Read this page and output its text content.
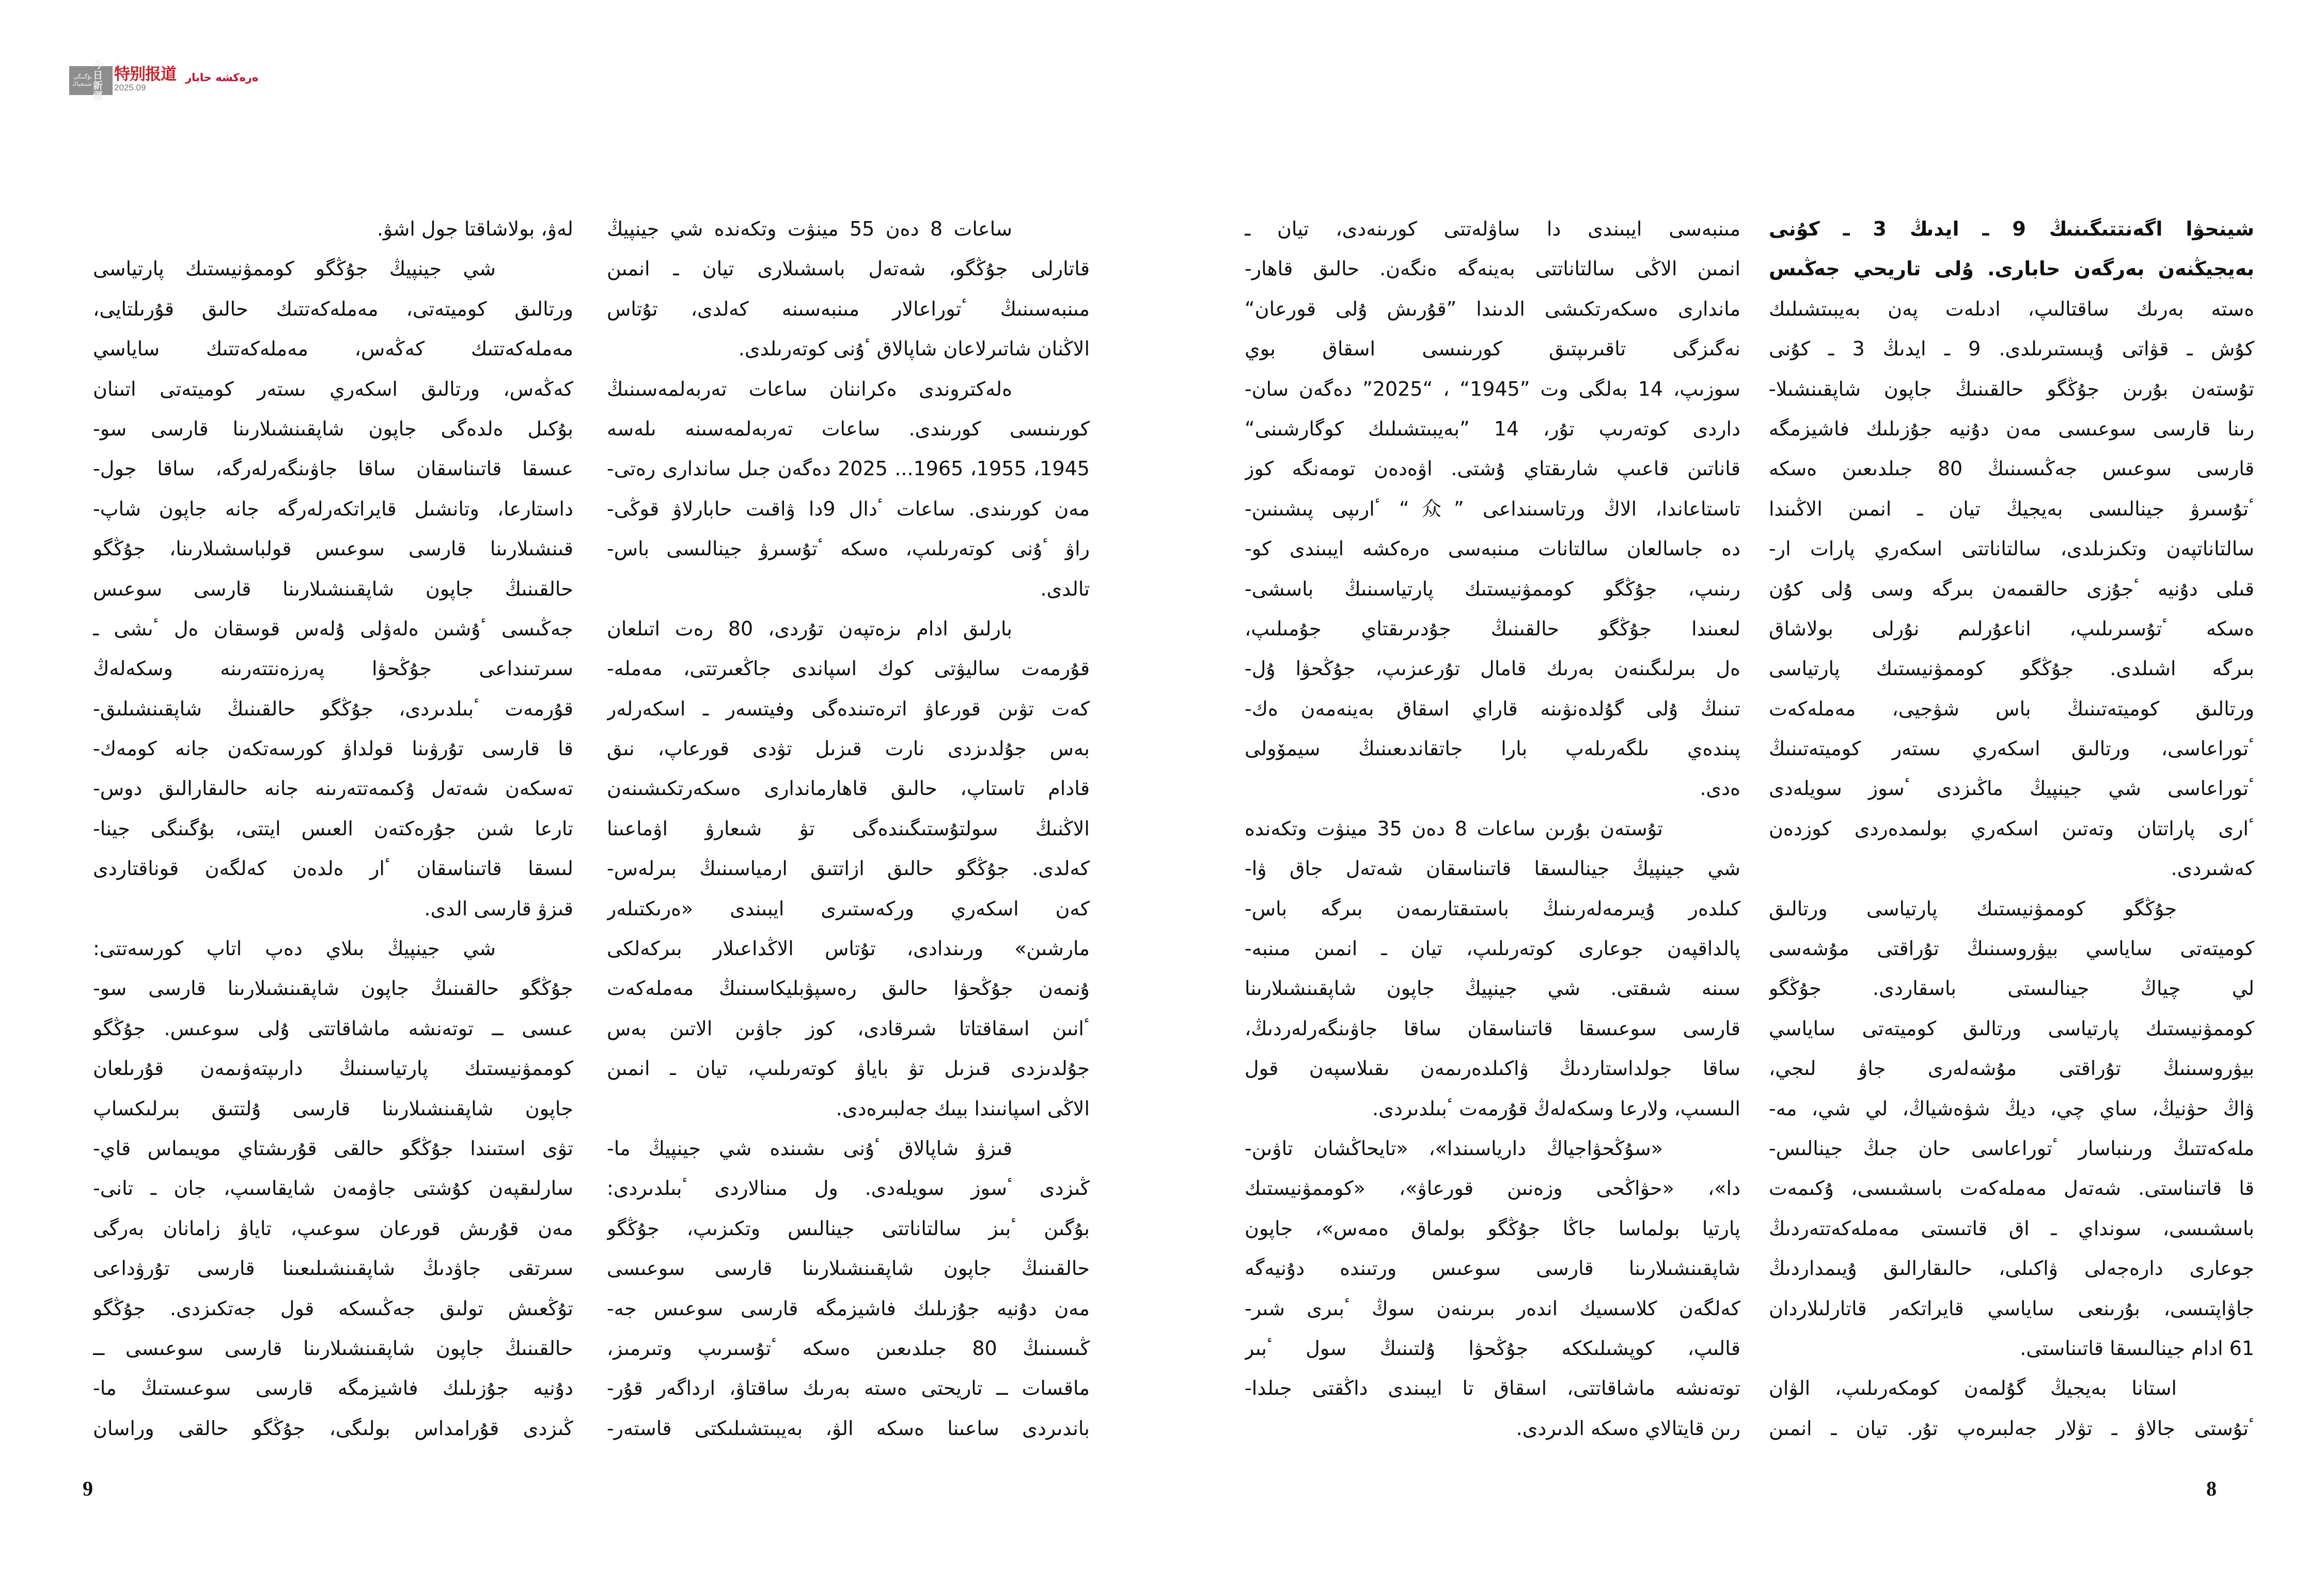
بۇگىنگى شىنجياڭ
今日新疆
特别报道
2025.09
ەرەكشە حابار
شينحۋا اگەنتتىگىنىڭ 9 ـ ايدىڭ 3 ـ كۇنى
بەيجيڭنەن بەرگەن حابارى. ۇلى تاريحي جەڭىس
ەستە بەرىك ساقتالىپ، ادىلەت پەن بەيبىتشىلىك
كۇش ـ قۋاتى ۇيىستىرىلدى. 9 ـ ايدىڭ 3 ـ كۇنى
تۇستەن بۇرىن جۇڭگو حالقىنىڭ جاپون شاپقىنشىلا-
رىنا قارسى سوعىسى مەن دۇنيە جۇزىلىك فاشيزمگە
قارسى سوعىس جەڭىسىنىڭ 80 جىلدىعىن ەسكە
ٴتۇسىرۋ جينالىسى بەيجيڭ تيان ـ انمىن الاڭىندا
سالتاناتپەن وتكىزىلدى، سالتاناتتى اسكەري پارات ار-
قىلى دۇنيە ٴجۇزى حالقىمەن بىرگە وسى ۇلى كۇن
ەسكە ٴتۇسىرىلىپ، اناعۇرلىم نۇرلى بولاشاق
بىرگە اشىلدى. جۇڭگو كوممۋنيستىك پارتياسى
ورتالىق كوميتەتىنىڭ باس شۋجيى، مەملەكەت
ٴتوراعاسى، ورتالىق اسكەري ىستەر كوميتەتىنىڭ
ٴتوراعاسى شي جينپيڭ ماڭىزدى ٴسوز سويلەدى
ٴارى پاراتتان وتەتىن اسكەري بولىمدەردى كوزدەن
كەشىردى.
جۇڭگو كوممۋنيستىك پارتياسى ورتالىق
كوميتەتى ساياسي بيۋروسىنىڭ تۇراقتى مۇشەسى
لي چياڭ جينالىستى باسقاردى. جۇڭگو
كوممۋنيستىك پارتياسى ورتالىق كوميتەتى ساياسي
بيۋروسىنىڭ تۇراقتى مۇشەلەرى جاۋ لىجي،
ۋاڭ حۋنيڭ، ساي چي، ديڭ شۋەشياڭ، لي شي، مە-
ملەكەتتىڭ ورىنباسار ٴتوراعاسى حان جىڭ جينالىس-
قا قاتىناستى. شەتەل مەملەكەت باسشىسى، ۇكىمەت
باسشىسى، سونداي ـ اق قاتىستى مەملەكەتتەردىڭ
جوعارى دارەجەلى ۋاكىلى، حالىقارالىق ۇيىمداردىڭ
جاۋاپتىسى، بۇرىنعى ساياسي قايراتكەر قاتارلىلاردان
61 ادام جينالىسقا قاتىناستى.
استانا بەيجيڭ گۇلمەن كومكەرىلىپ، الۋان
ٴتۇستى جالاۋ ـ تۋلار جەلبىرەپ تۇر. تيان ـ انمىن
مىنبەسى ايبىندى دا ساۋلەتتى كورىنەدى، تيان ـ
انمىن الاڭى سالتاناتتى بەينەگە ەنگەن. حالىق قاھار-
ماندارى ەسكەرتكىشى الدىندا ”قۇرىش ۇلى قورعان“
نەگىزگى تاقىرىپتىق كورىنىسى اسقاق بوي
سوزىپ، 14 بەلگى وت ”1945“ ، “2025” دەگەن سان-
داردى كوتەرىپ تۇر، 14 ”بەيبىتشىلىك كوگارشىنى“
قاناتىن قاعىپ شارىقتاي ۇشتى. اۋەدەن تومەنگە كوز
تاستاعاندا، الاڭ ورتاسىنداعى ”众“ ٴارىپى پىشىنىن-
دە جاسالعان سالتانات مىنبەسى ەرەكشە ايبىندى كو-
رىنىپ، جۇڭگو كوممۋنيستىك پارتياسىنىڭ باسشى-
لىعىندا جۇڭگو حالقىنىڭ جۇدىرىقتاي جۇمىلىپ،
ەل بىرلىگىنەن بەرىك قامال تۇرعىزىپ، جۇڭحۋا ۇل-
تىنىڭ ۇلى گۇلدەنۋىنە قاراي اسقاق بەينەمەن ەك-
پىندەي ىلگەرىلەپ بارا جاتقاندىعىنىڭ سيمۆولى
ەدى.
تۇستەن بۇرىن ساعات 8 دەن 35 مينۋت وتكەندە
شي جينپيڭ جينالىسقا قاتىناسقان شەتەل جاق ۋا-
كىلدەر ۇيىرمەلەرىنىڭ باستىقتارىمەن بىرگە باس-
پالداقپەن جوعارى كوتەرىلىپ، تيان ـ انمىن مىنبە-
سىنە شىقتى. شي جينپيڭ جاپون شاپقىنشىلارىنا
قارسى سوعىسقا قاتىناسقان ساقا جاۋىنگەرلەردىڭ،
ساقا جولداستاردىڭ ۋاكىلدەرىمەن ىقىلاسپەن قول
الىسىپ، ولارعا وسكەلەڭ قۇرمەت ٴبىلدىردى.
«سۇڭحۋاجياڭ دارياسىندا»، «تايحاڭشان تاۋىن-
دا»، «حۋاڭحى وزەنىن قورعاۋ»، «كوممۋنيستىك
پارتيا بولماسا جاڭا جۇڭگو بولماق ەمەس»، جاپون
شاپقىنشىلارىنا قارسى سوعىس ورتىندە دۇنيەگە
كەلگەن كلاسسيك اندەر بىرىنەن سوڭ ٴبىرى شىر-
قالىپ، كوپشىلىككە جۇڭحۋا ۇلتىنىڭ سول ٴبىر
توتەنشە ماشاقاتتى، اسقاق تا ايبىندى داڭقتى جىلدا-
رىن قايتالاي ەسكە الدىردى.
ساعات 8 دەن 55 مينۋت وتكەندە شي جينپيڭ
قاتارلى جۇڭگو، شەتەل باسشىلارى تيان ـ انمىن
مىنبەسىنىڭ ٴتوراعالار مىنبەسىنە كەلدى، تۇتاس
الاڭنان شاتىرلاعان شاپالاق ٴۇنى كوتەرىلدى.
ەلەكتروندى ەكراننان ساعات تەربەلمەسىنىڭ
كورىنىسى كورىندى. ساعات تەربەلمەسىنە ىلەسە
1945، 1955، 1965... 2025 دەگەن جىل ساندارى رەتى-
مەن كورىندى. ساعات ٴدال 9دا ۋاقىت حابارلاۋ قوڭى-
راۋ ٴۇنى كوتەرىلىپ، ەسكە ٴتۇسىرۋ جينالىسى باس-
تالدى.
بارلىق ادام ىزەتپەن تۇردى، 80 رەت اتىلعان
قۇرمەت ساليۋتى كوك اسپاندى جاڭعىرتتى، مەملە-
كەت تۋىن قورعاۋ اترەتىندەگى وفيتسەر ـ اسكەرلەر
بەس جۇلدىزدى نارت قىزىل تۋدى قورعاپ، نىق
قادام تاستاپ، حالىق قاھارماندارى ەسكەرتكىشىنەن
الاڭنىڭ سولتۇستىگىندەگى تۋ شىعارۋ اۋماعىنا
كەلدى. جۇڭگو حالىق ازاتتىق ارمياسىنىڭ بىرلەس-
كەن اسكەري وركەستىرى ايبىندى «ەرىكتىلەر
مارشىن» ورىندادى، تۇتاس الاڭداعىلار بىركەلكى
ۇنمەن جۇڭحۋا حالىق رەسپۋبليكاسىنىڭ مەملەكەت
ٴانىن اسقاقتاتا شىرقادى، كوز جاۋىن الاتىن بەس
جۇلدىزدى قىزىل تۋ باياۋ كوتەرىلىپ، تيان ـ انمىن
الاڭى اسپانىندا بيىك جەلبىرەدى.
قىزۋ شاپالاق ٴۇنى ىشىندە شي جينپيڭ ما-
ڭىزدى ٴسوز سويلەدى. ول مىنالاردى ٴبىلدىردى:
بۇگىن ٴبىز سالتاناتتى جينالىس وتكىزىپ، جۇڭگو
حالقىنىڭ جاپون شاپقىنشىلارىنا قارسى سوعىسى
مەن دۇنيە جۇزىلىك فاشيزمگە قارسى سوعىس جە-
ڭىسىنىڭ 80 جىلدىعىن ەسكە ٴتۇسىرىپ وتىرمىز،
ماقسات ــ تاريحتى ەستە بەرىك ساقتاۋ، ارداگەر قۇر-
باندىردى ساعىنا ەسكە الۋ، بەيبىتشىلىكتى قاستەر-
لەۋ، بولاشاقتا جول اشۋ.
شي جينپيڭ جۇڭگو كوممۋنيستىك پارتياسى
ورتالىق كوميتەتى، مەملەكەتتىك حالىق قۇرىلتايى،
مەملەكەتتىك كەڭەس، مەملەكەتتىك ساياسي
كەڭەس، ورتالىق اسكەري ىستەر كوميتەتى اتىنان
بۇكىل ەلدەگى جاپون شاپقىنشىلارىنا قارسى سو-
عىسقا قاتىناسقان ساقا جاۋىنگەرلەرگە، ساقا جول-
داستارعا، وتانشىل قايراتكەرلەرگە جانە جاپون شاپ-
قىنشىلارىنا قارسى سوعىس قولباسشىلارىنا، جۇڭگو
حالقىنىڭ جاپون شاپقىنشىلارىنا قارسى سوعىس
جەڭىسى ٴۇشىن ەلەۋلى ۇلەس قوسقان ەل ٴىشى ـ
سىرتىنداعى جۇڭحۋا پەرزەنتتەرىنە وسكەلەڭ
قۇرمەت ٴبىلدىردى، جۇڭگو حالقىنىڭ شاپقىنشىلىق-
قا قارسى تۇرۋىنا قولداۋ كورسەتكەن جانە كومەك-
تەسكەن شەتەل ۇكىمەتتەرىنە جانە حالىقارالىق دوس-
تارعا شىن جۇرەكتەن العىس ايتتى، بۇگىنگى جينا-
لىسقا قاتىناسقان ٴار ەلدەن كەلگەن قوناقتاردى
قىزۋ قارسى الدى.
شي جينپيڭ بىلاي دەپ اتاپ كورسەتتى:
جۇڭگو حالقىنىڭ جاپون شاپقىنشىلارىنا قارسى سو-
عىسى ــ توتەنشە ماشاقاتتى ۇلى سوعىس. جۇڭگو
كوممۋنيستىك پارتياسىنىڭ دارىپتەۋىمەن قۇرىلعان
جاپون شاپقىنشىلارىنا قارسى ۇلتتىق بىرلىكساپ
تۋى استىندا جۇڭگو حالقى قۇرىشتاي مويىماس قاي-
سارلىقپەن كۇشتى جاۋمەن شايقاسىپ، جان ـ تانى-
مەن قۇرىش قورعان سوعىپ، تاياۋ زامانان بەرگى
سىرتقى جاۋدىڭ شاپقىنشىلىعىنا قارسى تۇرۋداعى
تۇڭعىش تولىق جەڭىسكە قول جەتكىزدى. جۇڭگو
حالقىنىڭ جاپون شاپقىنشىلارىنا قارسى سوعىسى ــ
دۇنيە جۇزىلىك فاشيزمگە قارسى سوعىستىڭ ما-
ڭىزدى قۇرامداس بولىگى، جۇڭگو حالقى وراسان
8
9
